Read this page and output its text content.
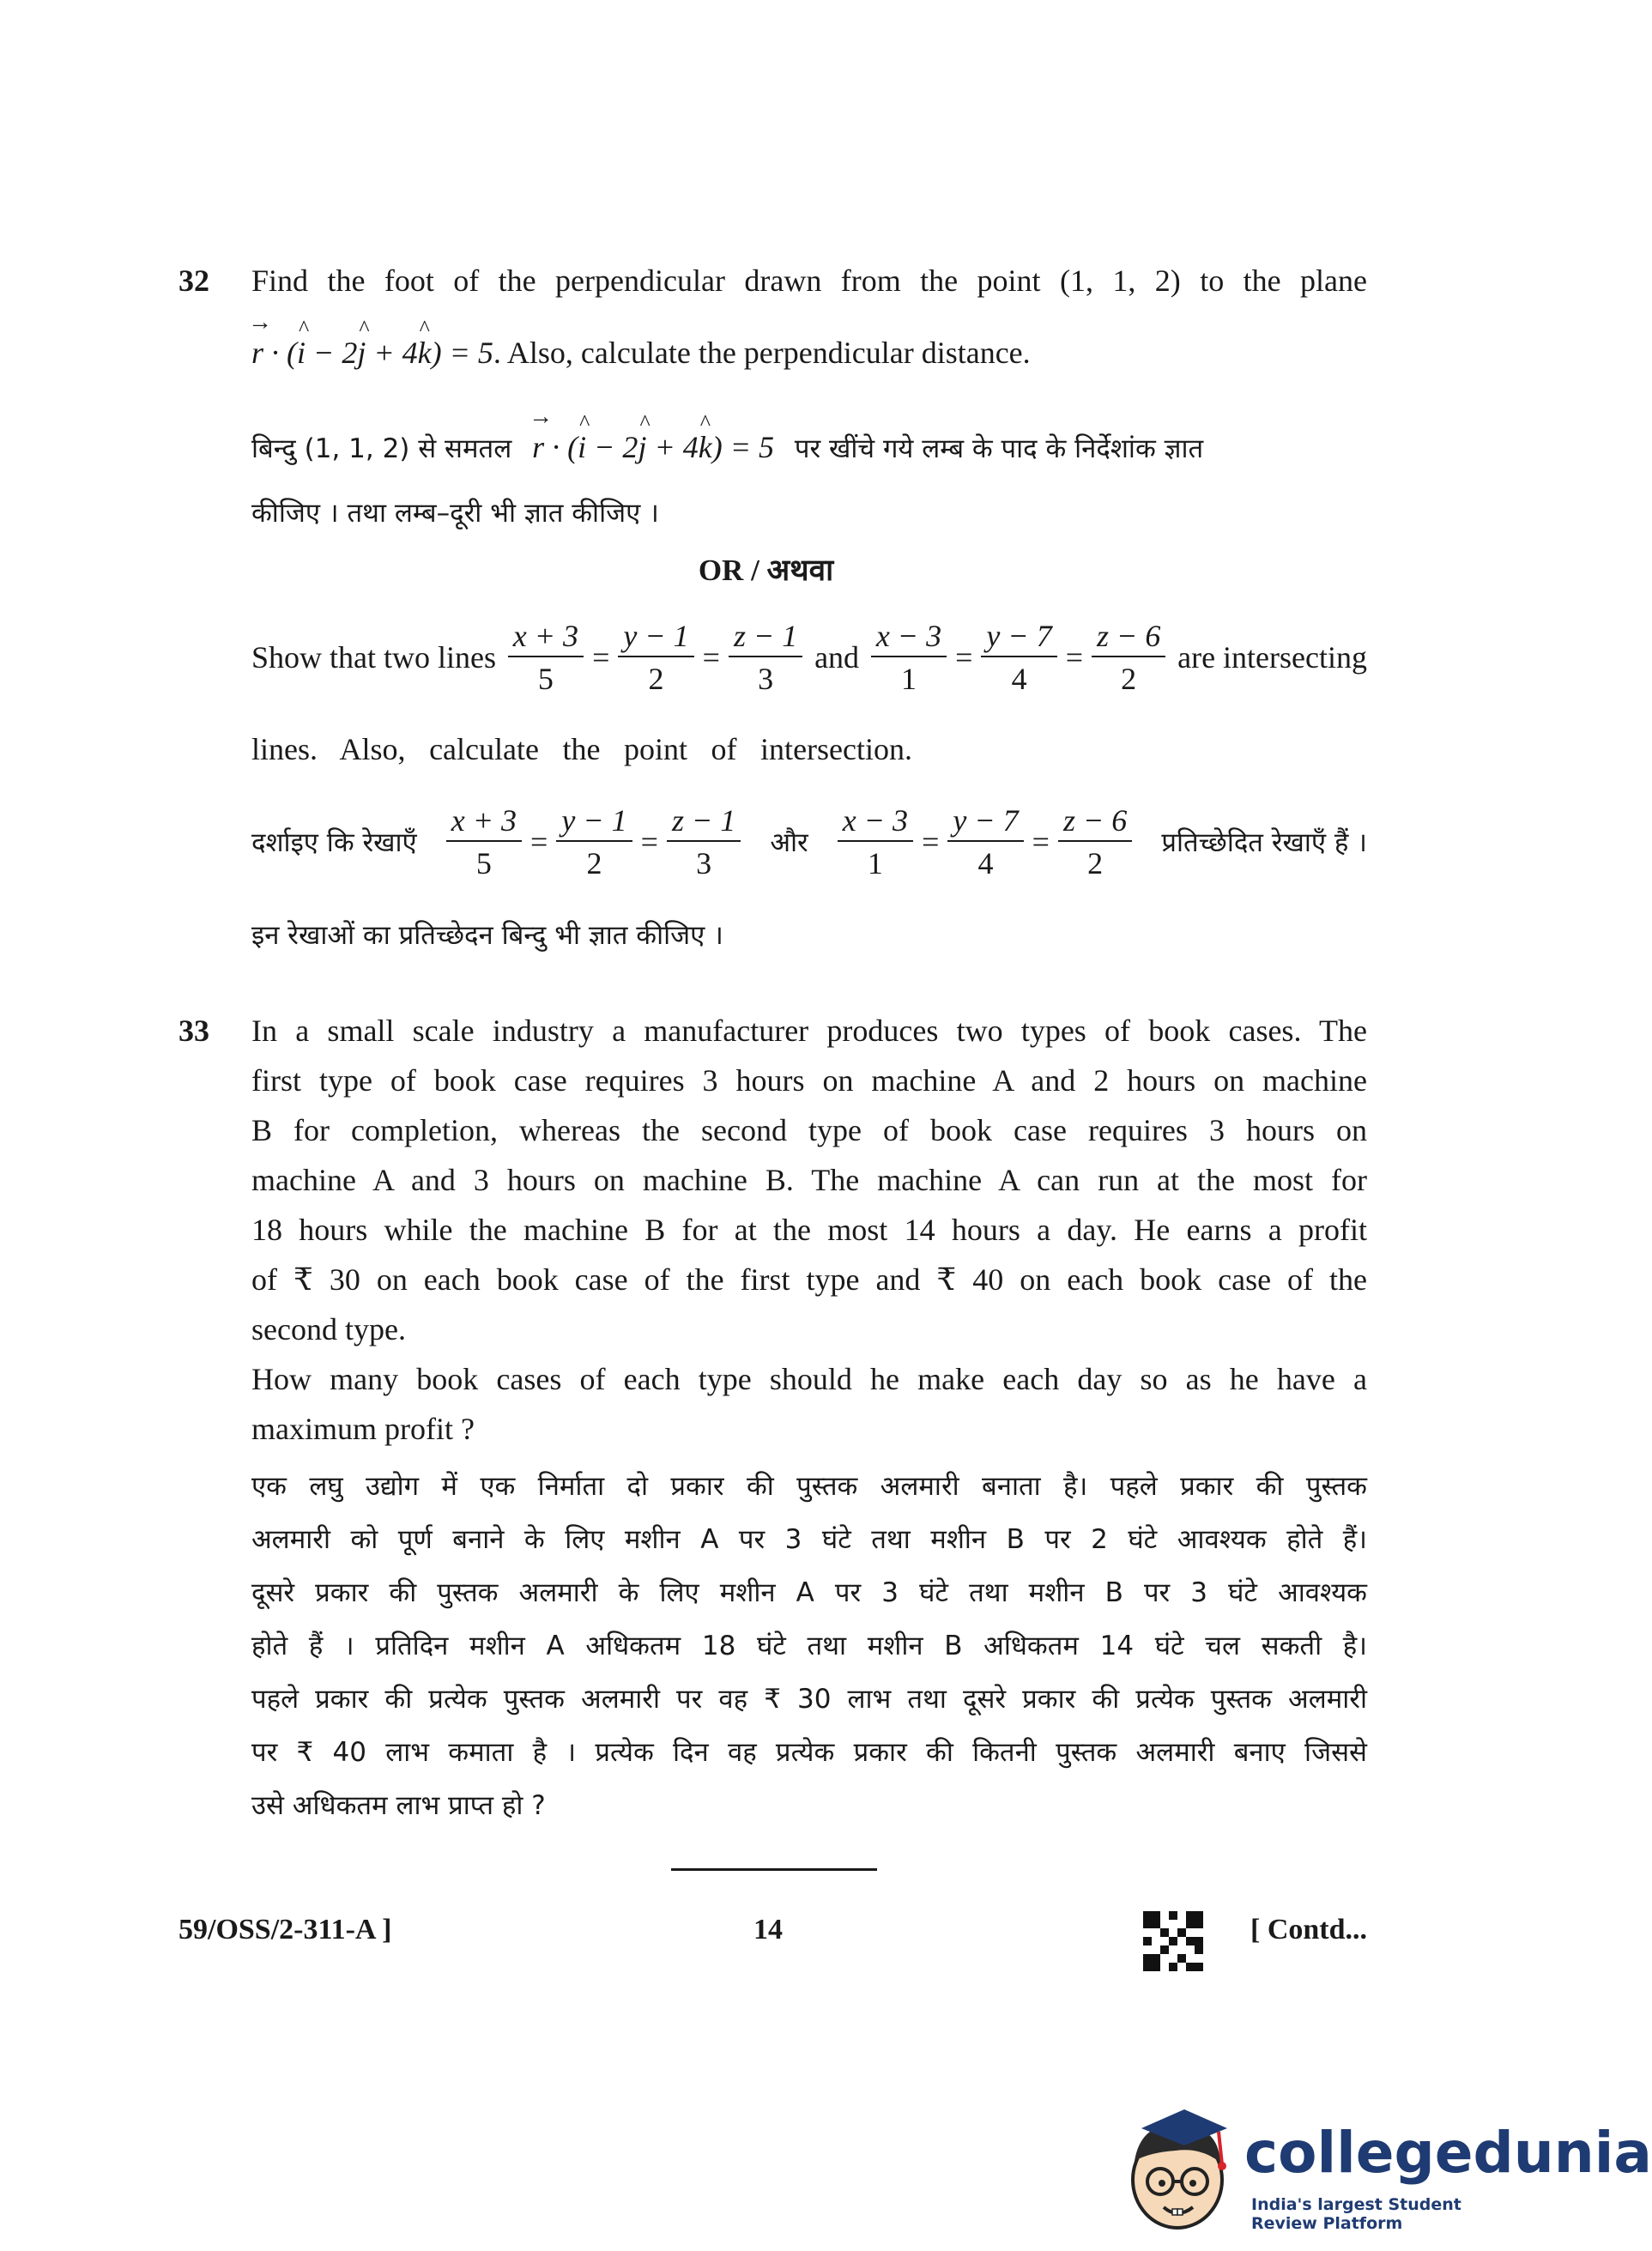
32 Find the foot of the perpendicular drawn from the point (1, 1, 2) to the plane
→ r · (^ i − 2^ j + 4^ k) = 5. Also, calculate the perpendicular distance.
बिन्दु (1, 1, 2) से समतल → r · (^ i − 2^ j + 4^ k) = 5 पर खींचे गये लम्ब के पाद के निर्देशांक ज्ञात
कीजिए । तथा लम्ब–दूरी भी ज्ञात कीजिए ।
OR / अथवा
Show that two lines $\frac{x + 3}{5} = \frac{y - 1}{2} = \frac{z - 1}{3}$ and $\frac{x - 3}{1} = \frac{y - 7}{4} = \frac{z - 6}{2}$ are intersecting
lines. Also, calculate the point of intersection.
दर्शाइए कि रेखाएँ $\frac{x + 3}{5} = \frac{y - 1}{2} = \frac{z - 1}{3}$ और $\frac{x - 3}{1} = \frac{y - 7}{4} = \frac{z - 6}{2}$ प्रतिच्छेदित रेखाएँ हैं ।
इन रेखाओं का प्रतिच्छेदन बिन्दु भी ज्ञात कीजिए ।
33 In a small scale industry a manufacturer produces two types of book cases. The
first type of book case requires 3 hours on machine A and 2 hours on machine
B for completion, whereas the second type of book case requires 3 hours on
machine A and 3 hours on machine B. The machine A can run at the most for
18 hours while the machine B for at the most 14 hours a day. He earns a profit
of ₹ 30 on each book case of the first type and ₹ 40 on each book case of the
second type.
How many book cases of each type should he make each day so as he have a
maximum profit ?
एक लघु उद्योग में एक निर्माता दो प्रकार की पुस्तक अलमारी बनाता है। पहले प्रकार की पुस्तक
अलमारी को पूर्ण बनाने के लिए मशीन A पर 3 घंटे तथा मशीन B पर 2 घंटे आवश्यक होते हैं।
दूसरे प्रकार की पुस्तक अलमारी के लिए मशीन A पर 3 घंटे तथा मशीन B पर 3 घंटे आवश्यक
होते हैं । प्रतिदिन मशीन A अधिकतम 18 घंटे तथा मशीन B अधिकतम 14 घंटे चल सकती है।
पहले प्रकार की प्रत्येक पुस्तक अलमारी पर वह ₹ 30 लाभ तथा दूसरे प्रकार की प्रत्येक पुस्तक अलमारी
पर ₹ 40 लाभ कमाता है । प्रत्येक दिन वह प्रत्येक प्रकार की कितनी पुस्तक अलमारी बनाए जिससे
उसे अधिकतम लाभ प्राप्त हो ?
59/OSS/2-311-A ]	14	[ Contd...
collegedunia
India's largest Student Review Platform
